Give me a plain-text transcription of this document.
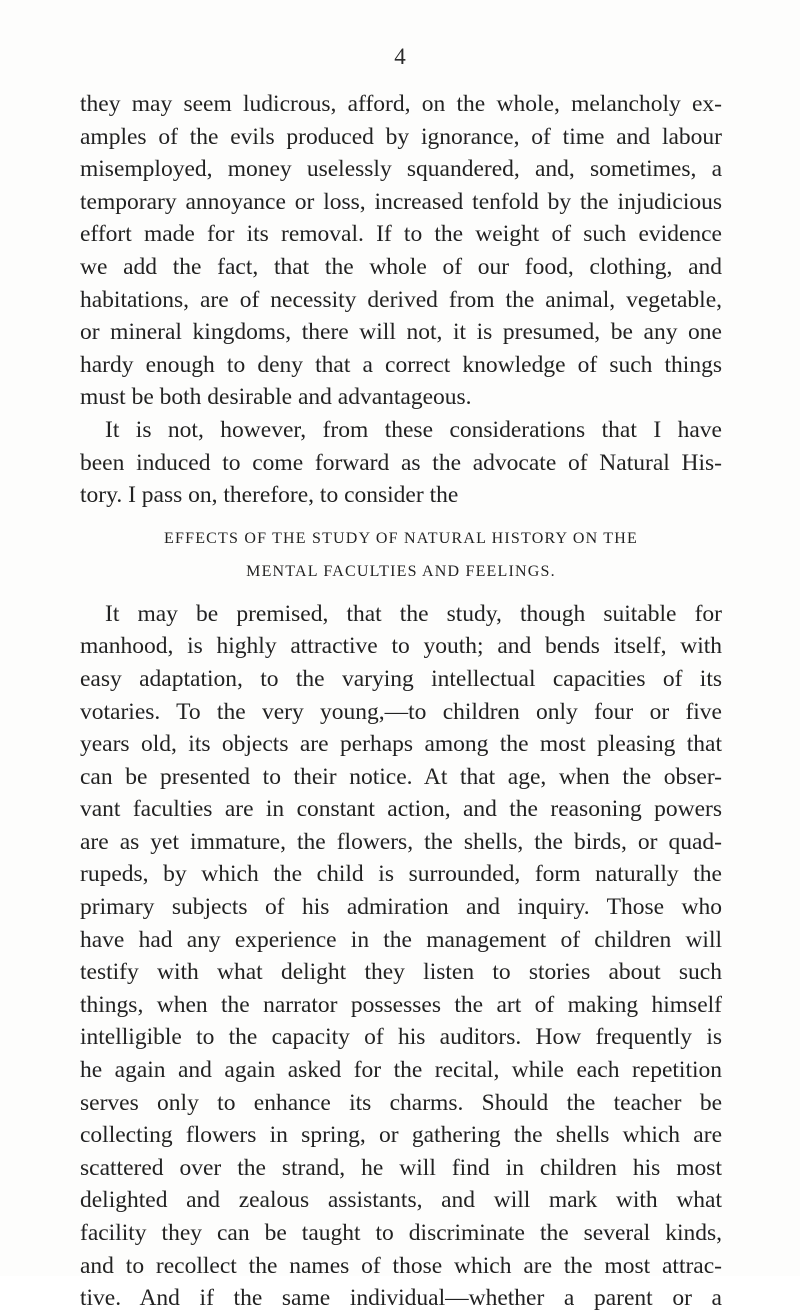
4
they may seem ludicrous, afford, on the whole, melancholy ex-
amples of the evils produced by ignorance, of time and labour
misemployed, money uselessly squandered, and, sometimes, a
temporary annoyance or loss, increased tenfold by the injudicious
effort made for its removal. If to the weight of such evidence
we add the fact, that the whole of our food, clothing, and
habitations, are of necessity derived from the animal, vegetable,
or mineral kingdoms, there will not, it is presumed, be any one
hardy enough to deny that a correct knowledge of such things
must be both desirable and advantageous.
It is not, however, from these considerations that I have
been induced to come forward as the advocate of Natural His-
tory. I pass on, therefore, to consider the
EFFECTS OF THE STUDY OF NATURAL HISTORY ON THE
MENTAL FACULTIES AND FEELINGS.
It may be premised, that the study, though suitable for
manhood, is highly attractive to youth; and bends itself, with
easy adaptation, to the varying intellectual capacities of its
votaries. To the very young,—to children only four or five
years old, its objects are perhaps among the most pleasing that
can be presented to their notice. At that age, when the obser-
vant faculties are in constant action, and the reasoning powers
are as yet immature, the flowers, the shells, the birds, or quad-
rupeds, by which the child is surrounded, form naturally the
primary subjects of his admiration and inquiry. Those who
have had any experience in the management of children will
testify with what delight they listen to stories about such
things, when the narrator possesses the art of making himself
intelligible to the capacity of his auditors. How frequently is
he again and again asked for the recital, while each repetition
serves only to enhance its charms. Should the teacher be
collecting flowers in spring, or gathering the shells which are
scattered over the strand, he will find in children his most
delighted and zealous assistants, and will mark with what
facility they can be taught to discriminate the several kinds,
and to recollect the names of those which are the most attrac-
tive. And if the same individual—whether a parent or a
